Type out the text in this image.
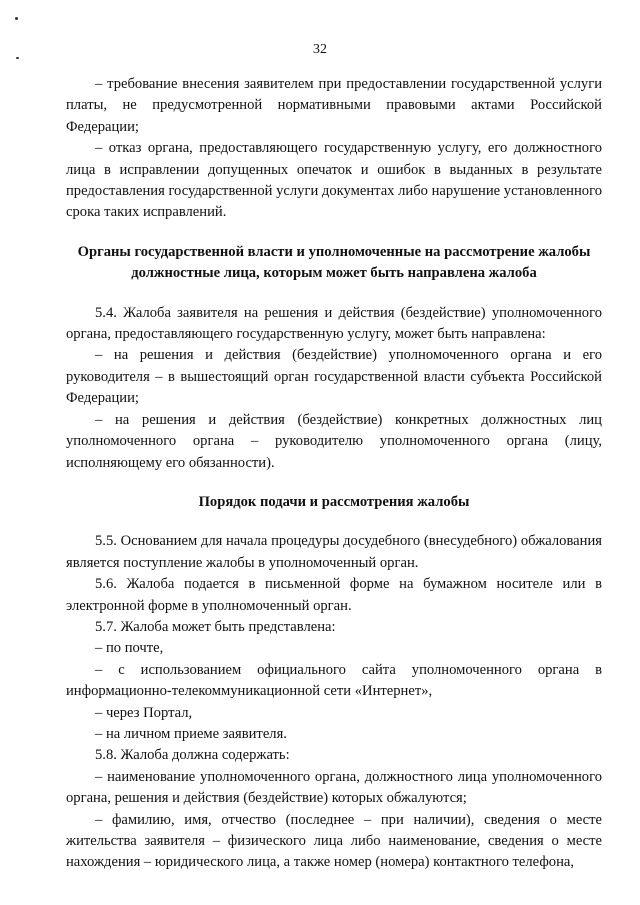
32

– требование внесения заявителем при предоставлении государственной услуги платы, не предусмотренной нормативными правовыми актами Российской Федерации;

– отказ органа, предоставляющего государственную услугу, его должностного лица в исправлении допущенных опечаток и ошибок в выданных в результате предоставления государственной услуги документах либо нарушение установленного срока таких исправлений.

Органы государственной власти и уполномоченные на рассмотрение жалобы должностные лица, которым может быть направлена жалоба

5.4. Жалоба заявителя на решения и действия (бездействие) уполномоченного органа, предоставляющего государственную услугу, может быть направлена:

– на решения и действия (бездействие) уполномоченного органа и его руководителя – в вышестоящий орган государственной власти субъекта Российской Федерации;

– на решения и действия (бездействие) конкретных должностных лиц уполномоченного органа – руководителю уполномоченного органа (лицу, исполняющему его обязанности).

Порядок подачи и рассмотрения жалобы

5.5. Основанием для начала процедуры досудебного (внесудебного) обжалования является поступление жалобы в уполномоченный орган.

5.6. Жалоба подается в письменной форме на бумажном носителе или в электронной форме в уполномоченный орган.

5.7. Жалоба может быть представлена:

– по почте,

– с использованием официального сайта уполномоченного органа в информационно-телекоммуникационной сети «Интернет»,

– через Портал,

– на личном приеме заявителя.

5.8. Жалоба должна содержать:

– наименование уполномоченного органа, должностного лица уполномоченного органа, решения и действия (бездействие) которых обжалуются;

– фамилию, имя, отчество (последнее – при наличии), сведения о месте жительства заявителя – физического лица либо наименование, сведения о месте нахождения – юридического лица, а также номер (номера) контактного телефона,
